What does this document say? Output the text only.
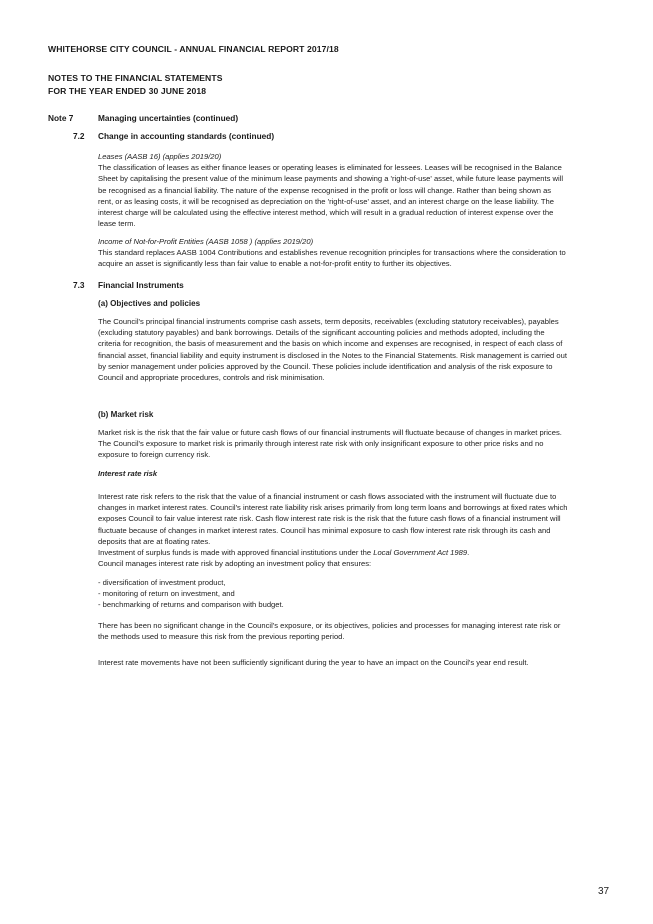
WHITEHORSE CITY COUNCIL - ANNUAL FINANCIAL REPORT 2017/18
NOTES TO THE FINANCIAL STATEMENTS
FOR THE YEAR ENDED 30 JUNE 2018
Note 7	Managing uncertainties (continued)
7.2 Change in accounting standards (continued)

Leases (AASB 16) (applies 2019/20)

The classification of leases as either finance leases or operating leases is eliminated for lessees. Leases will be recognised in the Balance Sheet by capitalising the present value of the minimum lease payments and showing a 'right-of-use' asset, while future lease payments will be recognised as a financial liability. The nature of the expense recognised in the profit or loss will change. Rather than being shown as rent, or as leasing costs, it will be recognised as depreciation on the 'right-of-use' asset, and an interest charge on the lease liability. The interest charge will be calculated using the effective interest method, which will result in a gradual reduction of interest expense over the lease term.

Income of Not-for-Profit Entities (AASB 1058 ) (applies 2019/20)

This standard replaces AASB 1004 Contributions and establishes revenue recognition principles for transactions where the consideration to acquire an asset is significantly less than fair value to enable a not-for-profit entity to further its objectives.

7.3 Financial Instruments
(a) Objectives and policies

The Council's principal financial instruments comprise cash assets, term deposits, receivables (excluding statutory receivables), payables (excluding statutory payables) and bank borrowings. Details of the significant accounting policies and methods adopted, including the criteria for recognition, the basis of measurement and the basis on which income and expenses are recognised, in respect of each class of financial asset, financial liability and equity instrument is disclosed in the Notes to the Financial Statements. Risk management is carried out by senior management under policies approved by the Council. These policies include identification and analysis of the risk exposure to Council and appropriate procedures, controls and risk minimisation.

(b) Market risk

Market risk is the risk that the fair value or future cash flows of our financial instruments will fluctuate because of changes in market prices. The Council's exposure to market risk is primarily through interest rate risk with only insignificant exposure to other price risks and no exposure to foreign currency risk.

Interest rate risk

Interest rate risk refers to the risk that the value of a financial instrument or cash flows associated with the instrument will fluctuate due to changes in market interest rates. Council's interest rate liability risk arises primarily from long term loans and borrowings at fixed rates which exposes Council to fair value interest rate risk. Cash flow interest rate risk is the risk that the future cash flows of a financial instrument will fluctuate because of changes in market interest rates. Council has minimal exposure to cash flow interest rate risk through its cash and deposits that are at floating rates.

Investment of surplus funds is made with approved financial institutions under the Local Government Act 1989.

Council manages interest rate risk by adopting an investment policy that ensures:

- diversification of investment product,
- monitoring of return on investment, and
- benchmarking of returns and comparison with budget.

There has been no significant change in the Council's exposure, or its objectives, policies and processes for managing interest rate risk or the methods used to measure this risk from the previous reporting period.

Interest rate movements have not been sufficiently significant during the year to have an impact on the Council's year end result.

37
